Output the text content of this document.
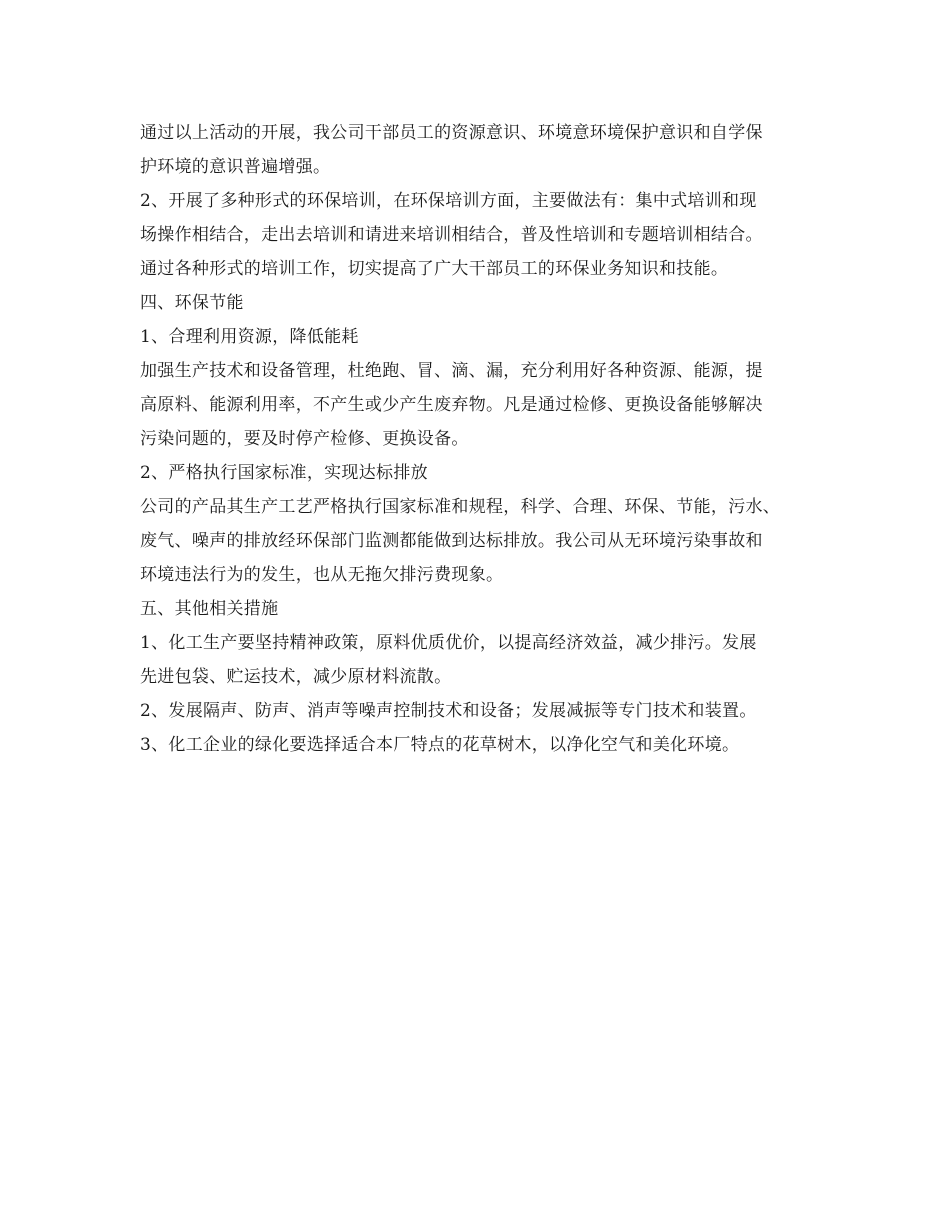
通过以上活动的开展，我公司干部员工的资源意识、环境意环境保护意识和自学保
护环境的意识普遍增强。
2、开展了多种形式的环保培训，在环保培训方面，主要做法有：集中式培训和现
场操作相结合，走出去培训和请进来培训相结合，普及性培训和专题培训相结合。
通过各种形式的培训工作，切实提高了广大干部员工的环保业务知识和技能。
四、环保节能
1、合理利用资源，降低能耗
加强生产技术和设备管理，杜绝跑、冒、滴、漏，充分利用好各种资源、能源，提
高原料、能源利用率，不产生或少产生废弃物。凡是通过检修、更换设备能够解决
污染问题的，要及时停产检修、更换设备。
2、严格执行国家标准，实现达标排放
公司的产品其生产工艺严格执行国家标准和规程，科学、合理、环保、节能，污水、
废气、噪声的排放经环保部门监测都能做到达标排放。我公司从无环境污染事故和
环境违法行为的发生，也从无拖欠排污费现象。
五、其他相关措施
1、化工生产要坚持精神政策，原料优质优价，以提高经济效益，减少排污。发展
先进包袋、贮运技术，减少原材料流散。
2、发展隔声、防声、消声等噪声控制技术和设备；发展减振等专门技术和装置。
3、化工企业的绿化要选择适合本厂特点的花草树木，以净化空气和美化环境。
